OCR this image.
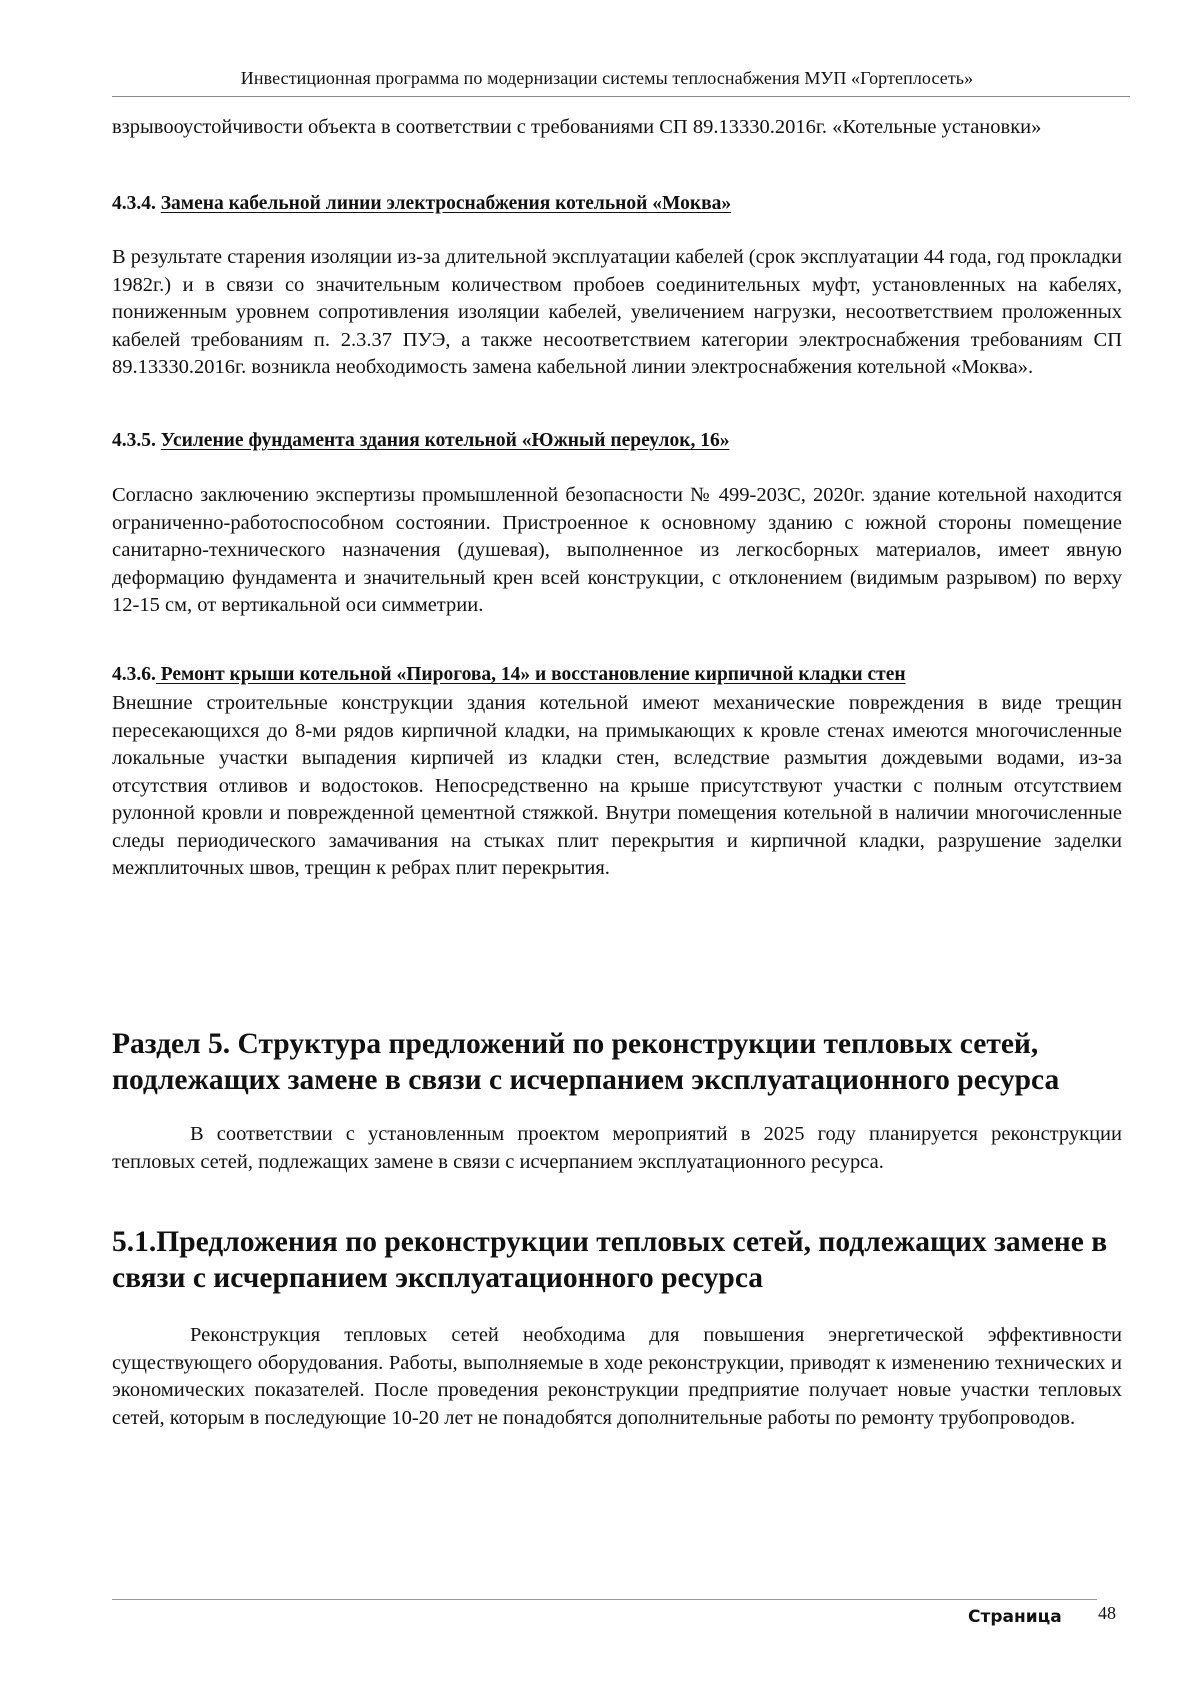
Инвестиционная программа по модернизации системы теплоснабжения МУП «Гортеплосеть»

взрывооустойчивости объекта в соответствии с требованиями СП 89.13330.2016г. «Котельные установки»

4.3.4. Замена кабельной линии электроснабжения котельной «Моква»

В результате старения изоляции из-за длительной эксплуатации кабелей (срок эксплуатации 44 года, год прокладки 1982г.) и в связи со значительным количеством пробоев соединительных муфт, установленных на кабелях, пониженным уровнем сопротивления изоляции кабелей, увеличением нагрузки, несоответствием проложенных кабелей требованиям п. 2.3.37 ПУЭ, а также несоответствием категории электроснабжения требованиям СП 89.13330.2016г. возникла необходимость замена кабельной линии электроснабжения котельной «Моква».

4.3.5. Усиление фундамента здания котельной «Южный переулок, 16»

Согласно заключению экспертизы промышленной безопасности № 499-203С, 2020г. здание котельной находится ограниченно-работоспособном состоянии. Пристроенное к основному зданию с южной стороны помещение санитарно-технического назначения (душевая), выполненное из легкосборных материалов, имеет явную деформацию фундамента и значительный крен всей конструкции, с отклонением (видимым разрывом) по верху 12-15 см, от вертикальной оси симметрии.

4.3.6. Ремонт крыши котельной «Пирогова, 14» и восстановление кирпичной кладки стен

Внешние строительные конструкции здания котельной имеют механические повреждения в виде трещин пересекающихся до 8-ми рядов кирпичной кладки, на примыкающих к кровле стенах имеются многочисленные локальные участки выпадения кирпичей из кладки стен, вследствие размытия дождевыми водами, из-за отсутствия отливов и водостоков. Непосредственно на крыше присутствуют участки с полным отсутствием рулонной кровли и поврежденной цементной стяжкой. Внутри помещения котельной в наличии многочисленные следы периодического замачивания на стыках плит перекрытия и кирпичной кладки, разрушение заделки межплиточных швов, трещин к ребрах плит перекрытия.

Раздел 5. Структура предложений по реконструкции тепловых сетей, подлежащих замене в связи с исчерпанием эксплуатационного ресурса

В соответствии с установленным проектом мероприятий в 2025 году планируется реконструкции тепловых сетей, подлежащих замене в связи с исчерпанием эксплуатационного ресурса.

5.1.Предложения по реконструкции тепловых сетей, подлежащих замене в связи с исчерпанием эксплуатационного ресурса

Реконструкция тепловых сетей необходима для повышения энергетической эффективности существующего оборудования. Работы, выполняемые в ходе реконструкции, приводят к изменению технических и экономических показателей. После проведения реконструкции предприятие получает новые участки тепловых сетей, которым в последующие 10-20 лет не понадобятся дополнительные работы по ремонту трубопроводов.

Страница 48
